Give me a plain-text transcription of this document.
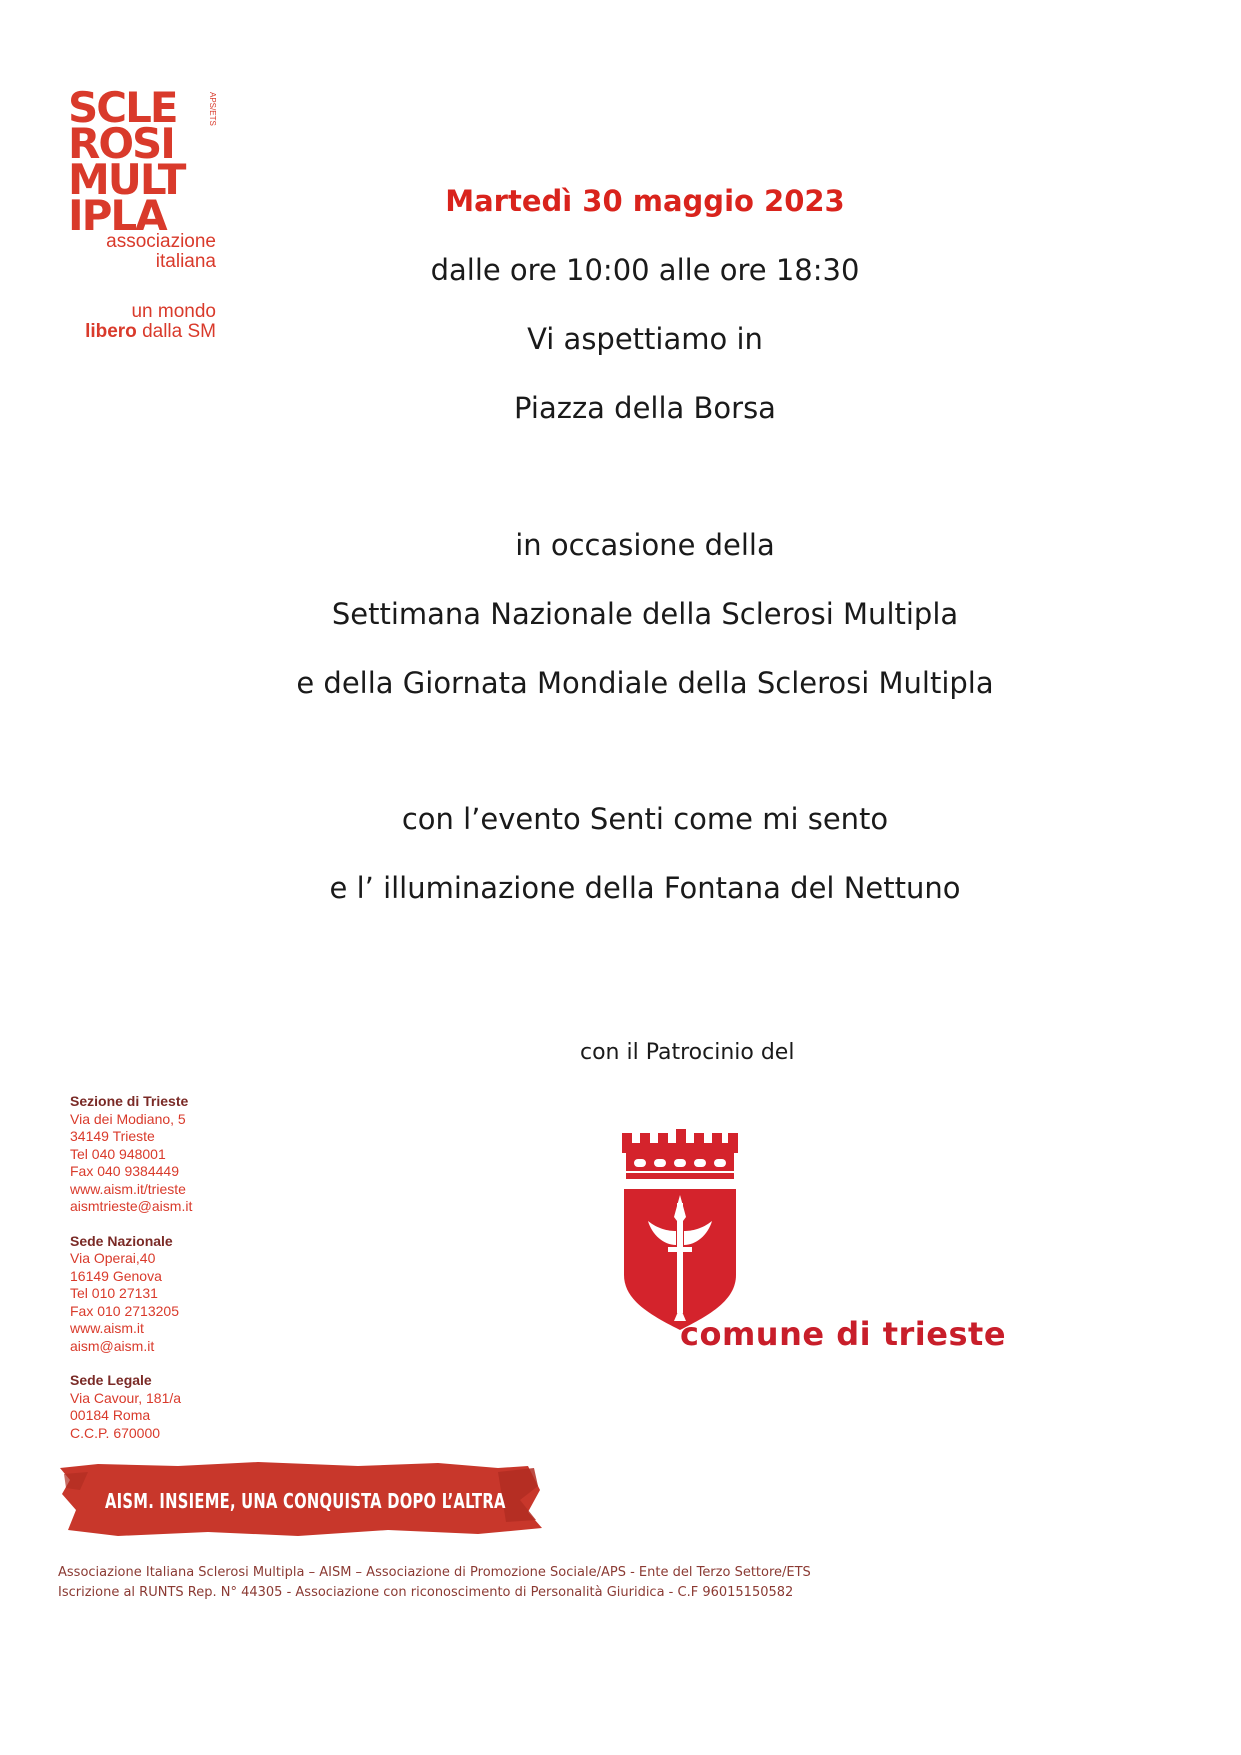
SCLE
ROSI
MULT
IPLA
APS/ETS
associazione
italiana
un mondo
libero dalla SM
Martedì 30 maggio 2023
dalle ore 10:00 alle ore 18:30
Vi aspettiamo in
Piazza della Borsa
in occasione della
Settimana Nazionale della Sclerosi Multipla
e della Giornata Mondiale della Sclerosi Multipla
con l’evento Senti come mi sento
e l’ illuminazione della Fontana del Nettuno
con il Patrocinio del
Sezione di Trieste
Via dei Modiano, 5
34149 Trieste
Tel 040 948001
Fax 040 9384449
www.aism.it/trieste
aismtrieste@aism.it
Sede Nazionale
Via Operai,40
16149 Genova
Tel 010 27131
Fax 010 2713205
www.aism.it
aism@aism.it
Sede Legale
Via Cavour, 181/a
00184 Roma
C.C.P. 670000
comune di trieste
AISM. INSIEME, UNA CONQUISTA DOPO L’ALTRA
Associazione Italiana Sclerosi Multipla – AISM – Associazione di Promozione Sociale/APS - Ente del Terzo Settore/ETS
Iscrizione al RUNTS Rep. N° 44305 - Associazione con riconoscimento di Personalità Giuridica - C.F 96015150582
